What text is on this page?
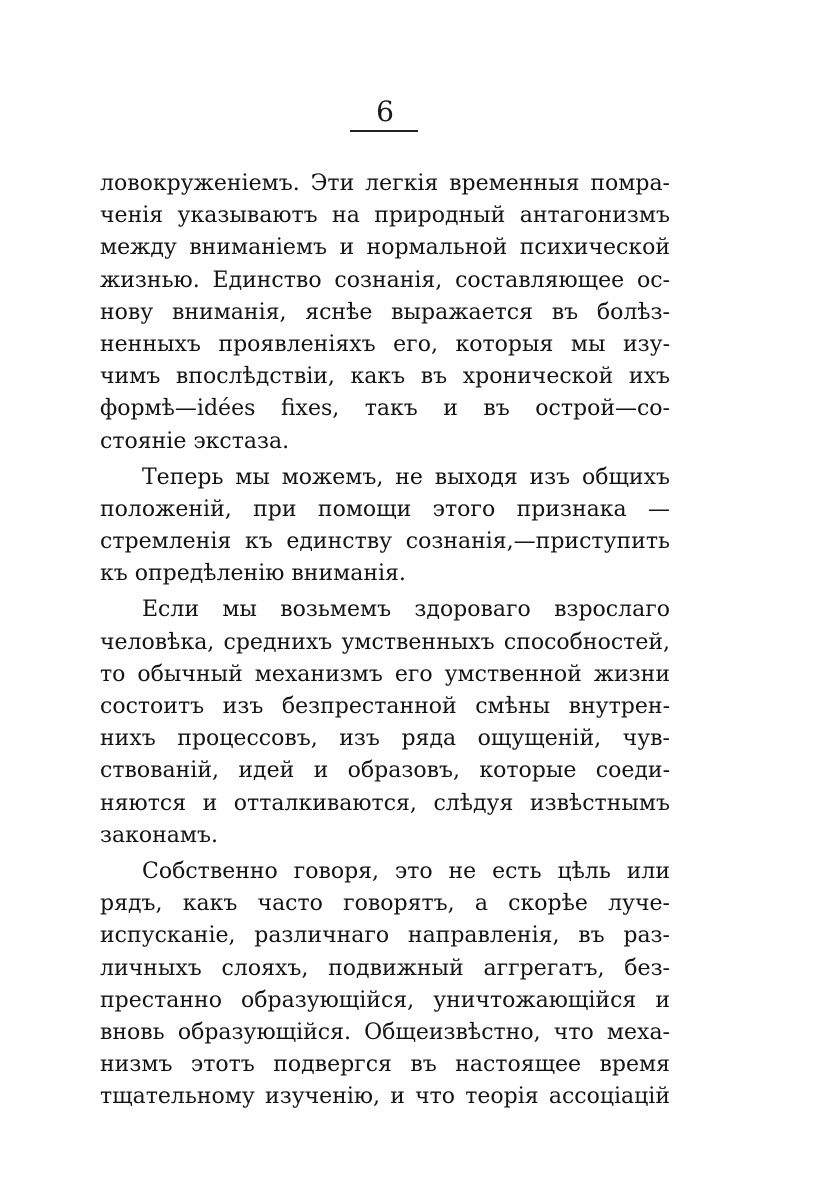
6
ловокруженіемъ. Эти легкія временныя помра-
ченія указываютъ на природный антагонизмъ
между вниманіемъ и нормальной психической
жизнью. Единство сознанія, составляющее ос-
нову вниманія, яснѣе выражается въ болѣз-
ненныхъ проявленіяхъ его, которыя мы изу-
чимъ впослѣдствіи, какъ въ хронической ихъ
формѣ—idées fixes, такъ и въ острой—со-
стояніе экстаза.
Теперь мы можемъ, не выходя изъ общихъ
положеній, при помощи этого признака —
стремленія къ единству сознанія,—приступить
къ опредѣленію вниманія.
Если мы возьмемъ здороваго взрослаго
человѣка, среднихъ умственныхъ способностей,
то обычный механизмъ его умственной жизни
состоитъ изъ безпрестанной смѣны внутрен-
нихъ процессовъ, изъ ряда ощущеній, чув-
ствованій, идей и образовъ, которые соеди-
няются и отталкиваются, слѣдуя извѣстнымъ
законамъ.
Собственно говоря, это не есть цѣль или
рядъ, какъ часто говорятъ, а скорѣе луче-
испусканіе, различнаго направленія, въ раз-
личныхъ слояхъ, подвижный аггрегатъ, без-
престанно образующійся, уничтожающійся и
вновь образующійся. Общеизвѣстно, что меха-
низмъ этотъ подвергся въ настоящее время
тщательному изученію, и что теорія ассоціацій
